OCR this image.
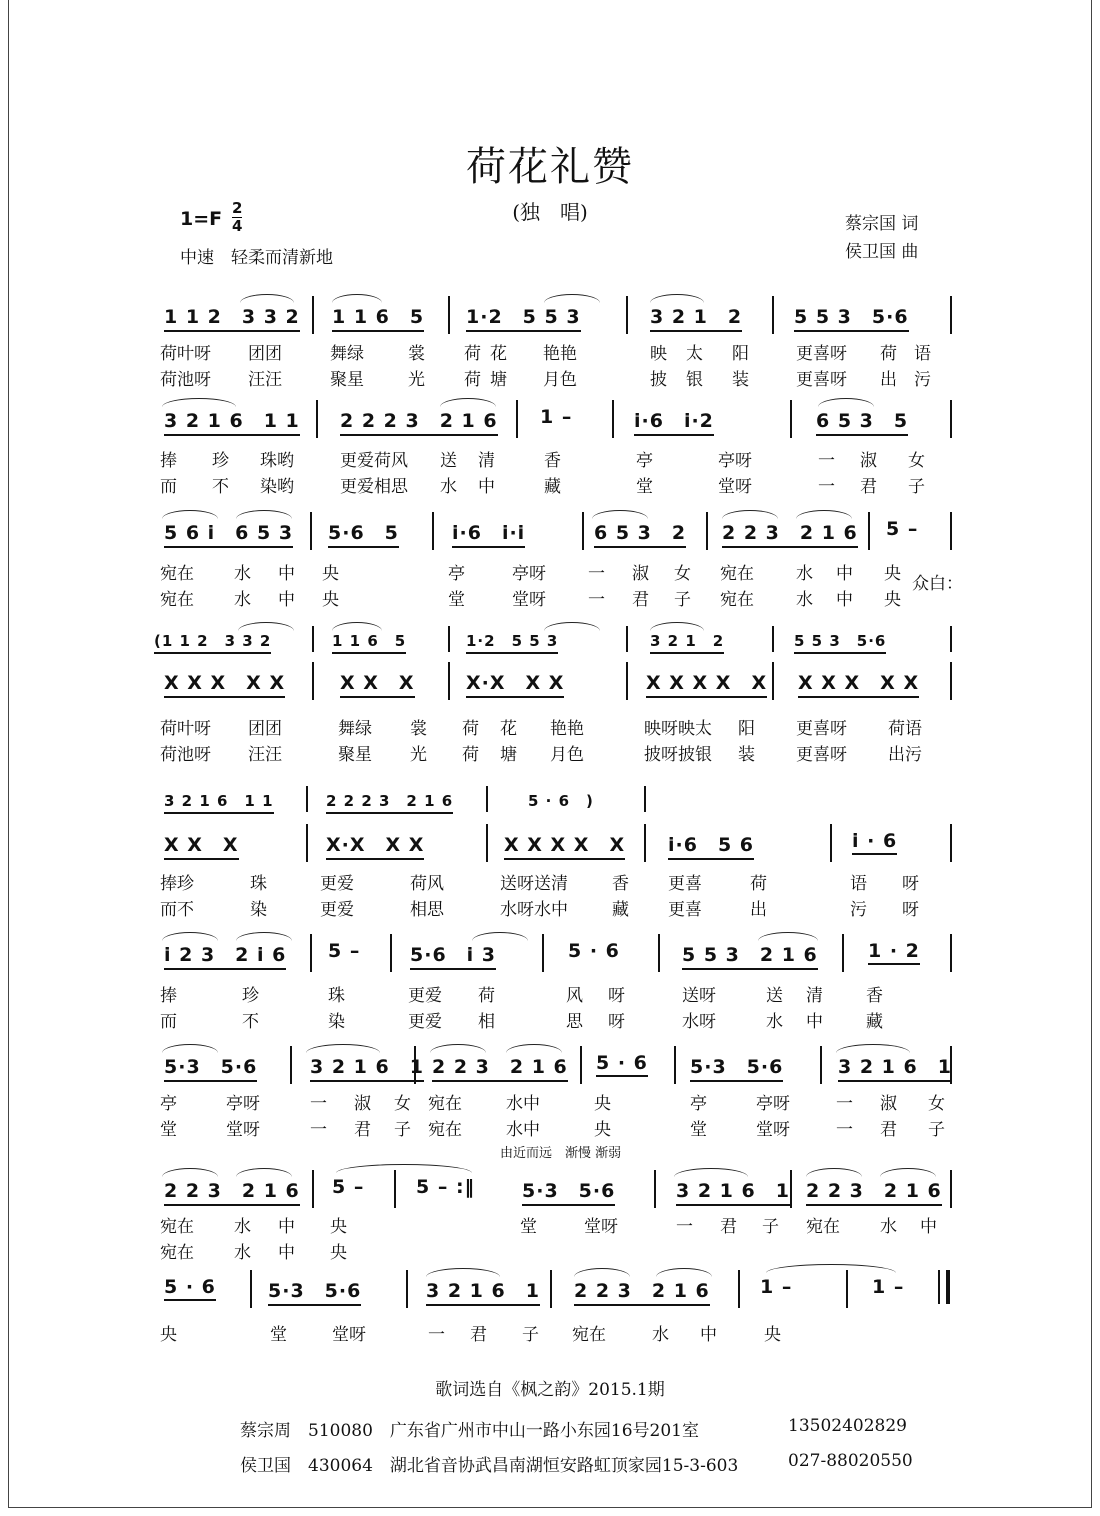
荷花礼赞
(独　唱)
1=F 2
4
中速　轻柔而清新地
蔡宗国 词
侯卫国 曲
1 1 2　3 3 2 1 1 6　5 1·2　5 5 3	3 2 1　2	5 5 3　5·6
荷叶呀 团团	舞绿	裳 荷 花 艳艳	映 太 阳	更喜呀 荷 语
荷池呀 汪汪	聚星	光 荷 塘 月色	披 银 装	更喜呀 出 污
3 2 1 6　1 1 2 2 2 3　2 1 6 1 –	i·6　i·2	6 5 3　5
捧 珍 珠哟	更爱荷风 送 清	香	亭	亭呀	一 淑 女
而 不 染哟	更爱相思 水 中	藏	堂	堂呀	一 君 子
5 6 i　6 5 3 5·6　5	i·6　i·i	6 5 3　2 2 2 3　2 1 6 5 –
宛在 水 中 央	亭	亭呀 一 淑 女 宛在 水 中 央
宛在 水 中 央	堂	堂呀 一 君 子 宛在 水 中 央
众白：
(1 1 2　3 3 2	1 1 6　5	1·2　5 5 3	3 2 1　2	5 5 3　5·6
X X X　X X	X X　X	X·X　X X	X X X X　X X X X　X X
荷叶呀 团团	舞绿 裳 荷 花 艳艳	映呀映太 阳 更喜呀 荷语
荷池呀 汪汪	聚星 光 荷 塘 月色	披呀披银 装 更喜呀 出污
3 2 1 6　1 1	2 2 2 3　2 1 6	5 · 6　)
X X　X	X·X　X X	X X X X　X i·6　5 6	i · 6
捧珍	珠	更爱	荷风	送呀送清	香 更喜	荷	语 呀
而不	染	更爱	相思	水呀水中	藏 更喜	出	污 呀
i 2 3　2 i 6 5 –	5·6　i 3	5 · 6	5 5 3　2 1 6	1 · 2
捧	珍	珠	更爱 荷	风 呀	送呀	送 清	香
而	不	染	更爱 相	思 呀	水呀	水 中	藏
5·3　5·6	3 2 1 6　1 2 2 3　2 1 6 5 · 6 5·3　5·6	3 2 1 6　1
亭	亭呀	一 淑 女 宛在	水中	央	亭	亭呀	一 淑 女
堂	堂呀	一 君 子 宛在	水中	央	堂	堂呀	一 君 子
由近而远　渐慢 渐弱
2 2 3　2 1 6 5 –	5 – :‖ 5·3　5·6	3 2 1 6　1 2 2 3　2 1 6
宛在 水 中 央	堂	堂呀	一 君 子 宛在 水 中
宛在 水 中 央
5 · 6	5·3　5·6	3 2 1 6　1 2 2 3　2 1 6	1 –	1 –
央	堂	堂呀	一 君 子 宛在	水 中	央
歌词选自《枫之韵》2015.1期
蔡宗周　510080　广东省广州市中山一路小东园16号201室	13502402829
侯卫国　430064　湖北省音协武昌南湖恒安路虹顶家园15-3-603	027-88020550
